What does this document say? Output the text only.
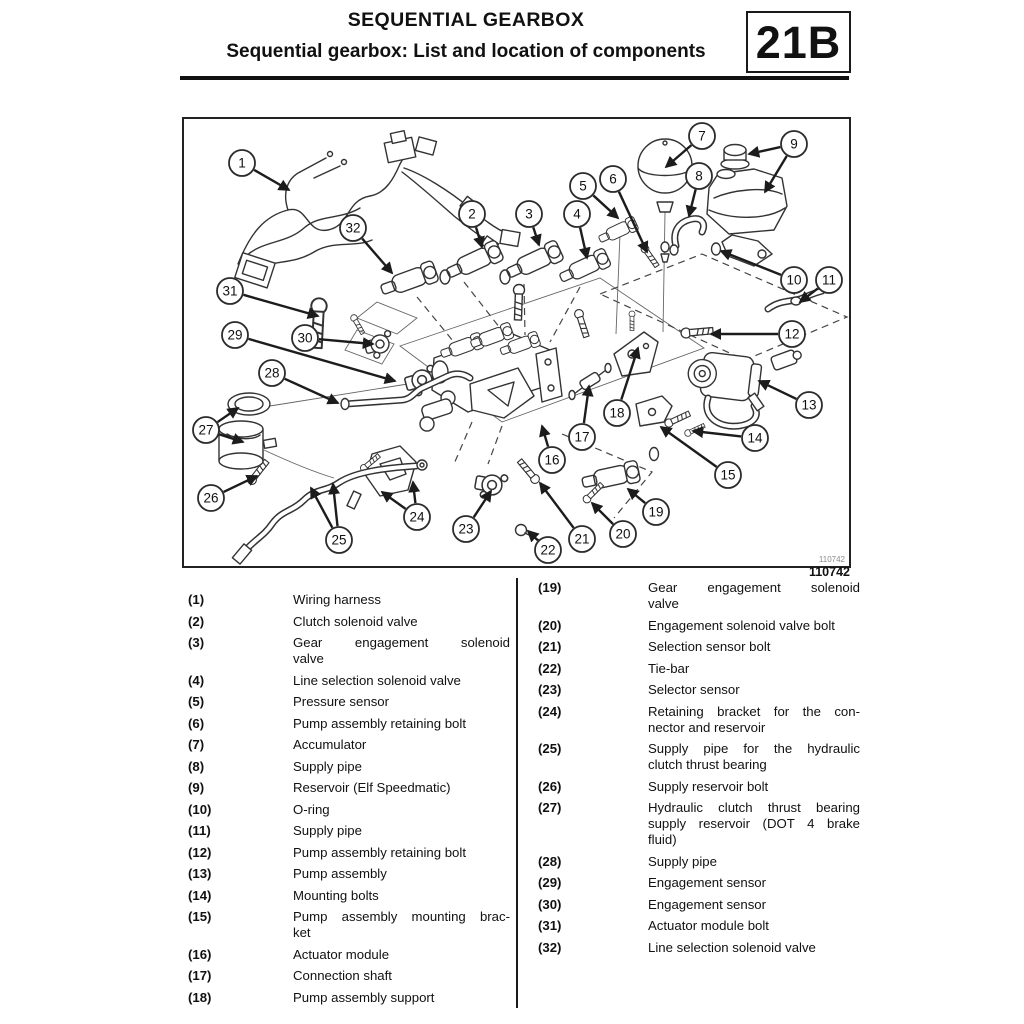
SEQUENTIAL GEARBOX
Sequential gearbox: List and location of components	21B
1
2	3	4
5 6
7
8
9
10 11
12
13
14
15
16
17
18
19
20
21
22
23
24
25
26
27
28
29	30
31
32
110742
110742
(1)	Wiring harness
(2)	Clutch solenoid valve
(3)	Gear engagement solenoid
valve
(4)	Line selection solenoid valve
(5)	Pressure sensor
(6)	Pump assembly retaining bolt
(7)	Accumulator
(8)	Supply pipe
(9)	Reservoir (Elf Speedmatic)
(10)	O-ring
(11)	Supply pipe
(12)	Pump assembly retaining bolt
(13)	Pump assembly
(14)	Mounting bolts
(15)	Pump assembly mounting brac-
ket
(16)	Actuator module
(17)	Connection shaft
(18)	Pump assembly support
(19)	Gear engagement solenoid
valve
(20)	Engagement solenoid valve bolt
(21)	Selection sensor bolt
(22)	Tie-bar
(23)	Selector sensor
(24)	Retaining bracket for the con-
nector and reservoir
(25)	Supply pipe for the hydraulic
clutch thrust bearing
(26)	Supply reservoir bolt
(27)	Hydraulic clutch thrust bearing
supply reservoir (DOT 4 brake
fluid)
(28)	Supply pipe
(29)	Engagement sensor
(30)	Engagement sensor
(31)	Actuator module bolt
(32)	Line selection solenoid valve
